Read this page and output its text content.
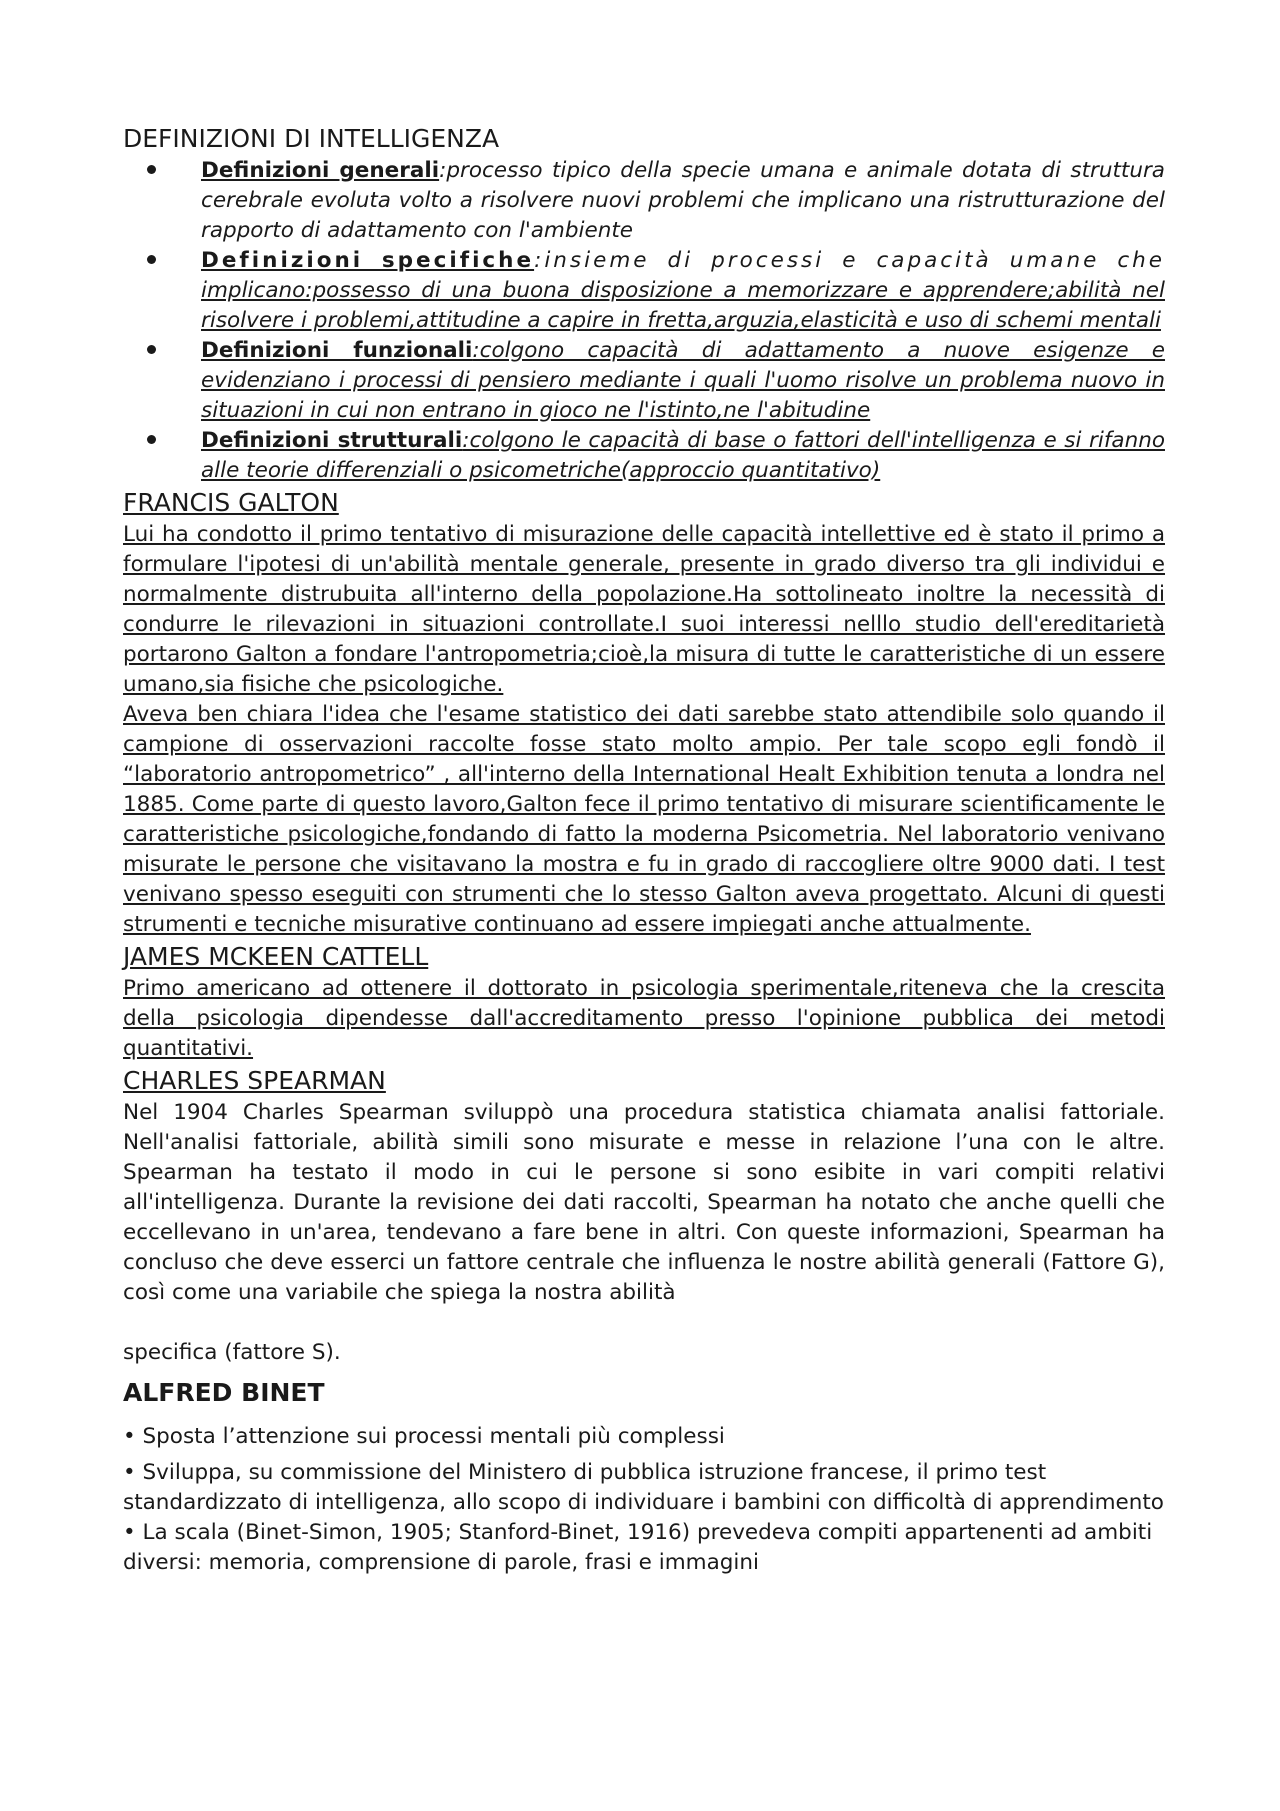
DEFINIZIONI DI INTELLIGENZA
Definizioni generali:processo tipico della specie umana e animale dotata di struttura cerebrale evoluta volto a risolvere nuovi problemi che implicano una ristrutturazione del rapporto di adattamento con l'ambiente
Definizioni specifiche:insieme di processi e capacità umane che implicano:possesso di una buona disposizione a memorizzare e apprendere;abilità nel risolvere i problemi,attitudine a capire in fretta,arguzia,elasticità e uso di schemi mentali
Definizioni funzionali:colgono capacità di adattamento a nuove esigenze e evidenziano i processi di pensiero mediante i quali l'uomo risolve un problema nuovo in situazioni in cui non entrano in gioco ne l'istinto,ne l'abitudine
Definizioni strutturali:colgono le capacità di base o fattori dell'intelligenza e si rifanno alle teorie differenziali o psicometriche(approccio quantitativo)
FRANCIS GALTON

Lui ha condotto il primo tentativo di misurazione delle capacità intellettive ed è stato il primo a formulare l'ipotesi di un'abilità mentale generale, presente in grado diverso tra gli individui e normalmente distrubuita all'interno della popolazione.Ha sottolineato inoltre la necessità di condurre le rilevazioni in situazioni controllate.I suoi interessi nelllo studio dell'ereditarietà portarono Galton a fondare l'antropometria;cioè,la misura di tutte le caratteristiche di un essere umano,sia fisiche che psicologiche.

Aveva ben chiara l'idea che l'esame statistico dei dati sarebbe stato attendibile solo quando il campione di osservazioni raccolte fosse stato molto ampio. Per tale scopo egli fondò il “laboratorio antropometrico” , all'interno della International Healt Exhibition tenuta a londra nel 1885. Come parte di questo lavoro,Galton fece il primo tentativo di misurare scientificamente le caratteristiche psicologiche,fondando di fatto la moderna Psicometria. Nel laboratorio venivano misurate le persone che visitavano la mostra e fu in grado di raccogliere oltre 9000 dati. I test venivano spesso eseguiti con strumenti che lo stesso Galton aveva progettato. Alcuni di questi strumenti e tecniche misurative continuano ad essere impiegati anche attualmente.

JAMES MCKEEN CATTELL

Primo americano ad ottenere il dottorato in psicologia sperimentale,riteneva che la crescita della psicologia dipendesse dall'accreditamento presso l'opinione pubblica dei metodi quantitativi.

CHARLES SPEARMAN

Nel 1904 Charles Spearman sviluppò una procedura statistica chiamata analisi fattoriale. Nell'analisi fattoriale, abilità simili sono misurate e messe in relazione l’una con le altre. Spearman ha testato il modo in cui le persone si sono esibite in vari compiti relativi all'intelligenza. Durante la revisione dei dati raccolti, Spearman ha notato che anche quelli che eccellevano in un'area, tendevano a fare bene in altri. Con queste informazioni, Spearman ha concluso che deve esserci un fattore centrale che influenza le nostre abilità generali (Fattore G), così come una variabile che spiega la nostra abilità

specifica (fattore S).

ALFRED BINET

• Sposta l’attenzione sui processi mentali più complessi

• Sviluppa, su commissione del Ministero di pubblica istruzione francese, il primo test standardizzato di intelligenza, allo scopo di individuare i bambini con difficoltà di apprendimento

• La scala (Binet-Simon, 1905; Stanford-Binet, 1916) prevedeva compiti appartenenti ad ambiti diversi: memoria, comprensione di parole, frasi e immagini
